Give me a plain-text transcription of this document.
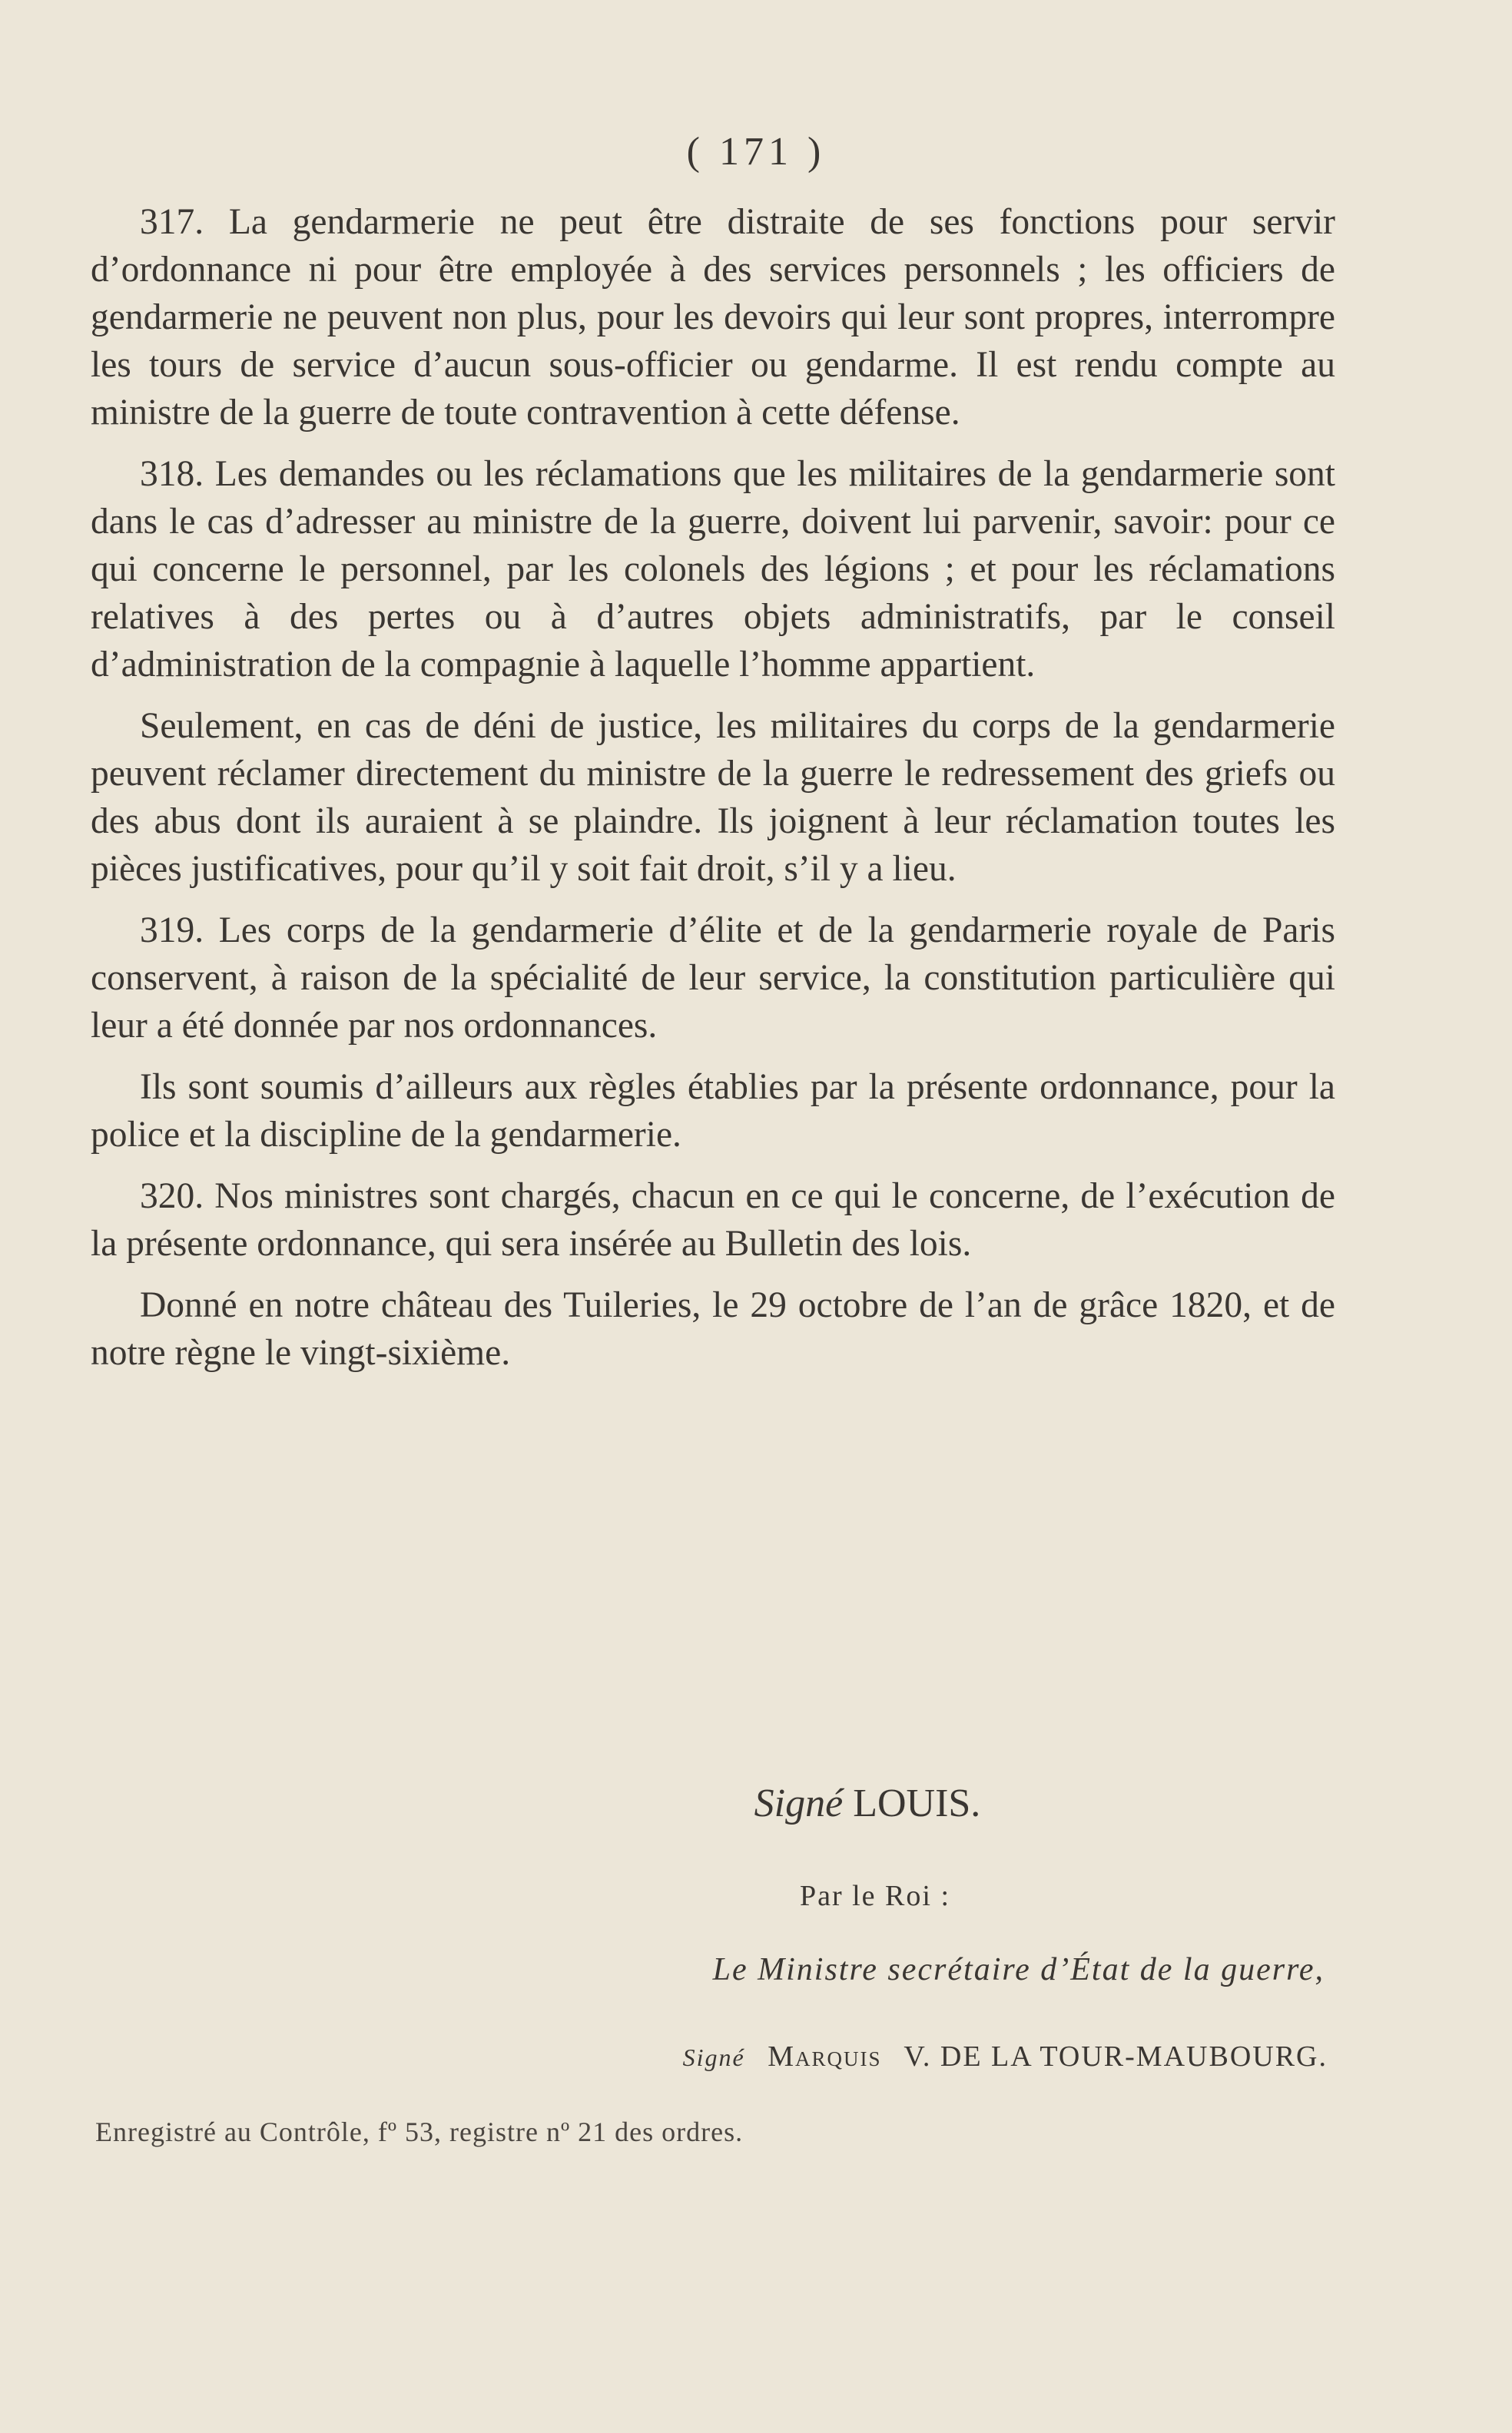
( 171 )

317. La gendarmerie ne peut être distraite de ses fonctions pour servir d’ordonnance ni pour être employée à des services personnels ; les officiers de gendarmerie ne peuvent non plus, pour les devoirs qui leur sont propres, interrompre les tours de service d’aucun sous-officier ou gendarme. Il est rendu compte au ministre de la guerre de toute contravention à cette défense.

318. Les demandes ou les réclamations que les militaires de la gendarmerie sont dans le cas d’adresser au ministre de la guerre, doivent lui parvenir, savoir: pour ce qui concerne le personnel, par les colonels des légions ; et pour les réclamations relatives à des pertes ou à d’autres objets administratifs, par le conseil d’administration de la compagnie à laquelle l’homme appartient.

Seulement, en cas de déni de justice, les militaires du corps de la gendarmerie peuvent réclamer directement du ministre de la guerre le redressement des griefs ou des abus dont ils auraient à se plaindre. Ils joignent à leur réclamation toutes les pièces justificatives, pour qu’il y soit fait droit, s’il y a lieu.

319. Les corps de la gendarmerie d’élite et de la gendarmerie royale de Paris conservent, à raison de la spécialité de leur service, la constitution particulière qui leur a été donnée par nos ordonnances.

Ils sont soumis d’ailleurs aux règles établies par la présente ordonnance, pour la police et la discipline de la gendarmerie.

320. Nos ministres sont chargés, chacun en ce qui le concerne, de l’exécution de la présente ordonnance, qui sera insérée au Bulletin des lois.

Donné en notre château des Tuileries, le 29 octobre de l’an de grâce 1820, et de notre règne le vingt-sixième.

Signé LOUIS.
Par le Roi :
Le Ministre secrétaire d’État de la guerre,
Signé Marquis V. DE LA TOUR-MAUBOURG.
Enregistré au Contrôle, fº 53, registre nº 21 des ordres.
